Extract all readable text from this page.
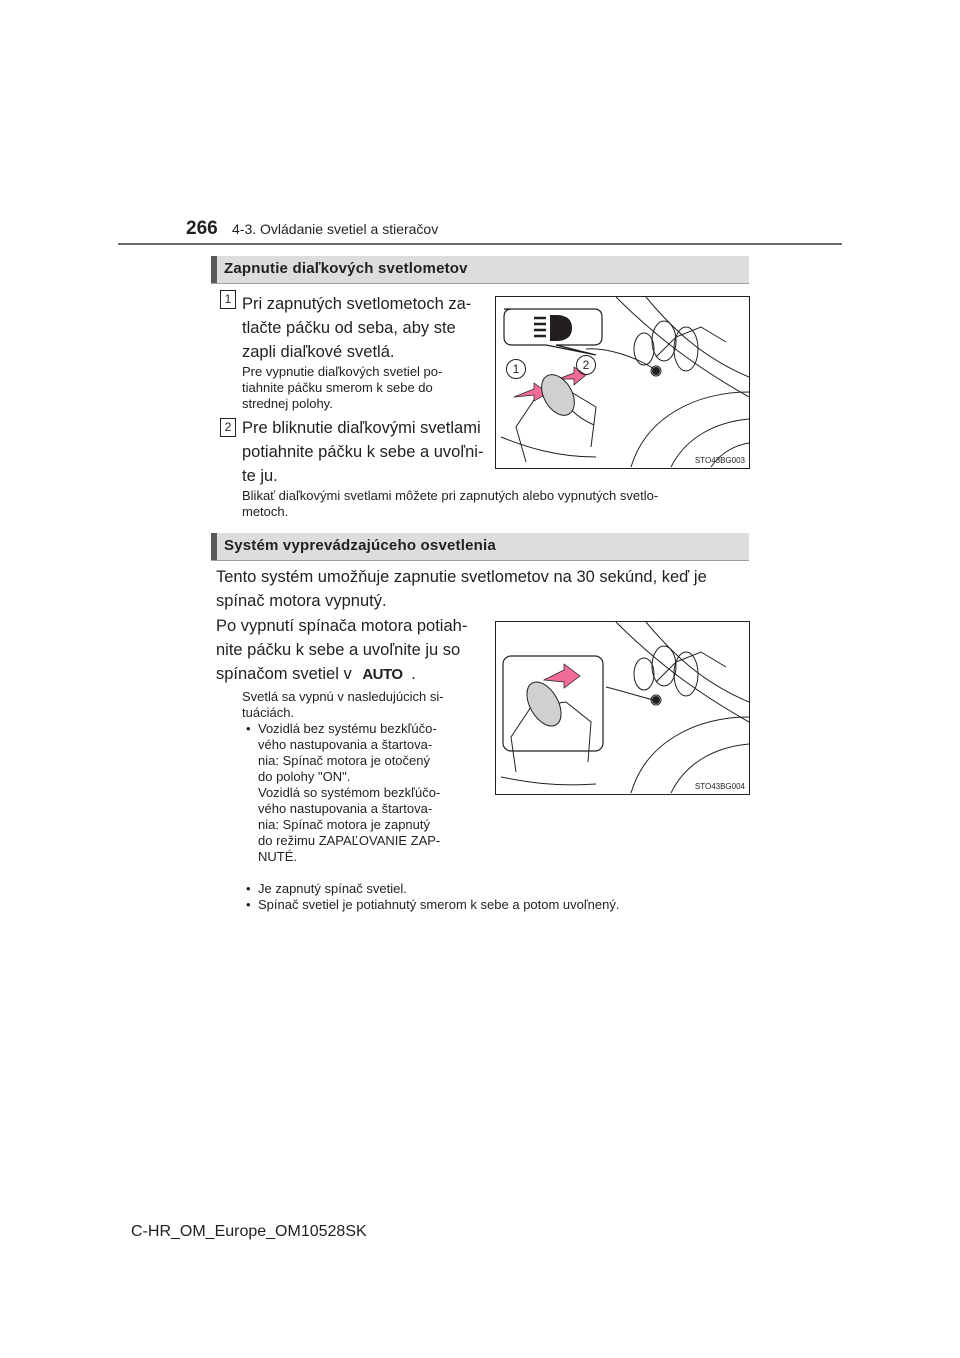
266 4-3. Ovládanie svetiel a stieračov
Zapnutie diaľkových svetlometov
1 Pri zapnutých svetlometoch za-
tlačte páčku od seba, aby ste
zapli diaľkové svetlá.
Pre vypnutie diaľkových svetiel po-
tiahnite páčku smerom k sebe do
strednej polohy.
2 Pre bliknutie diaľkovými svetlami
potiahnite páčku k sebe a uvoľni-
te ju.
1	2
STO43BG003
Blikať diaľkovými svetlami môžete pri zapnutých alebo vypnutých svetlo-
metoch.
Systém vyprevádzajúceho osvetlenia
Tento systém umožňuje zapnutie svetlometov na 30 sekúnd, keď je
spínač motora vypnutý.
Po vypnutí spínača motora potiah-
nite páčku k sebe a uvoľnite ju so
spínačom svetiel v AUTO .
Svetlá sa vypnú v nasledujúcich si-
tuáciách.
• Vozidlá bez systému bezkľúčo-
vého nastupovania a štartova-
nia: Spínač motora je otočený
do polohy "ON".
Vozidlá so systémom bezkľúčo-
vého nastupovania a štartova-
nia: Spínač motora je zapnutý
do režimu ZAPAĽOVANIE ZAP-
NUTÉ.
• Je zapnutý spínač svetiel.
• Spínač svetiel je potiahnutý smerom k sebe a potom uvoľnený.
STO43BG004
C-HR_OM_Europe_OM10528SK
